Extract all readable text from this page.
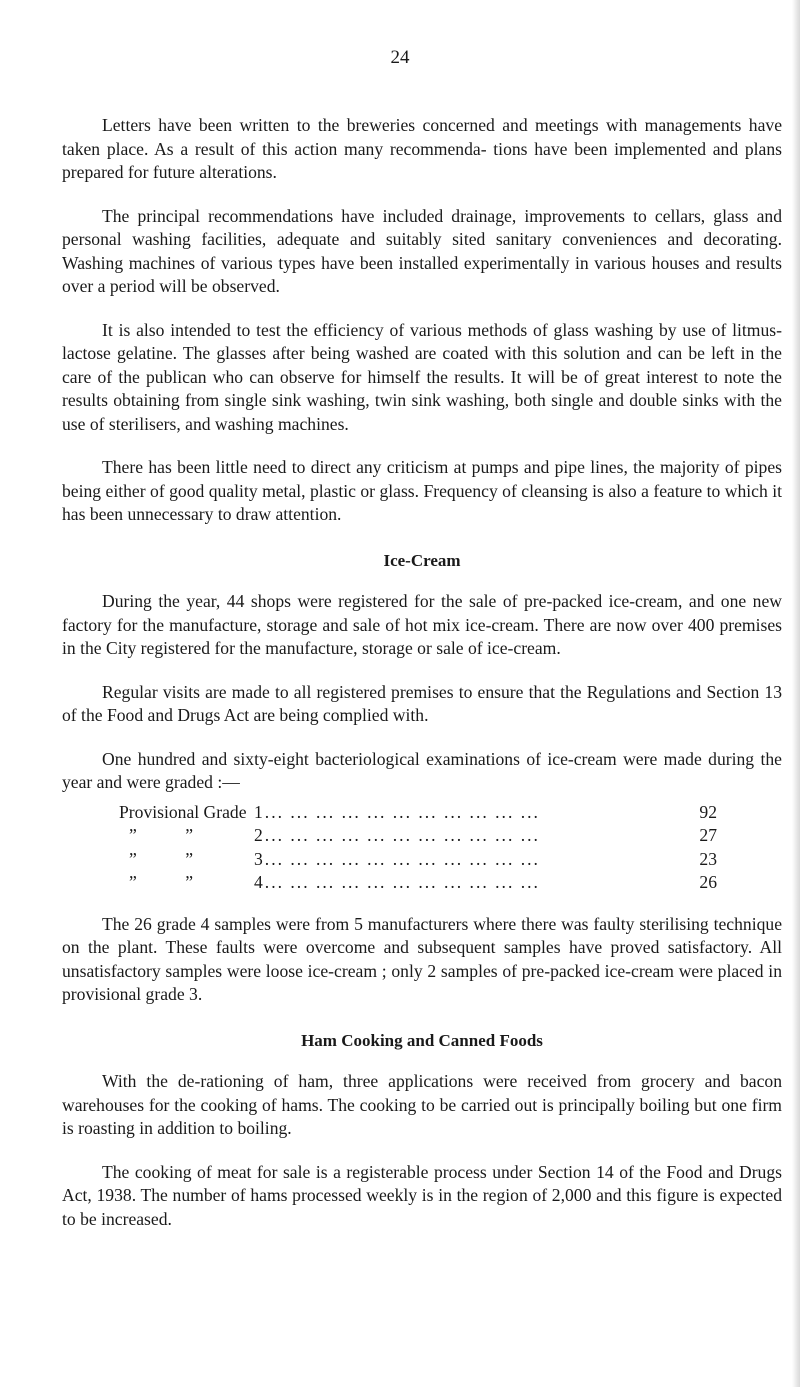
24

Letters have been written to the breweries concerned and meetings with managements have taken place. As a result of this action many recommenda- tions have been implemented and plans prepared for future alterations.

The principal recommendations have included drainage, improvements to cellars, glass and personal washing facilities, adequate and suitably sited sanitary conveniences and decorating. Washing machines of various types have been installed experimentally in various houses and results over a period will be observed.

It is also intended to test the efficiency of various methods of glass washing by use of litmus-lactose gelatine. The glasses after being washed are coated with this solution and can be left in the care of the publican who can observe for himself the results. It will be of great interest to note the results obtaining from single sink washing, twin sink washing, both single and double sinks with the use of sterilisers, and washing machines.

There has been little need to direct any criticism at pumps and pipe lines, the majority of pipes being either of good quality metal, plastic or glass. Frequency of cleansing is also a feature to which it has been unnecessary to draw attention.

Ice-Cream

During the year, 44 shops were registered for the sale of pre-packed ice-cream, and one new factory for the manufacture, storage and sale of hot mix ice-cream. There are now over 400 premises in the City registered for the manufacture, storage or sale of ice-cream.

Regular visits are made to all registered premises to ensure that the Regulations and Section 13 of the Food and Drugs Act are being complied with.

One hundred and sixty-eight bacteriological examinations of ice-cream were made during the year and were graded :—

Provisional Grade 1 ... ... ... ... ... ... ... ... ... ... ...	92
”           ”	2 ... ... ... ... ... ... ... ... ... ... ...	27
”           ”	3 ... ... ... ... ... ... ... ... ... ... ...	23
”           ”	4 ... ... ... ... ... ... ... ... ... ... ...	26

The 26 grade 4 samples were from 5 manufacturers where there was faulty sterilising technique on the plant. These faults were overcome and subsequent samples have proved satisfactory. All unsatisfactory samples were loose ice-cream ; only 2 samples of pre-packed ice-cream were placed in provisional grade 3.

Ham Cooking and Canned Foods

With the de-rationing of ham, three applications were received from grocery and bacon warehouses for the cooking of hams. The cooking to be carried out is principally boiling but one firm is roasting in addition to boiling.

The cooking of meat for sale is a registerable process under Section 14 of the Food and Drugs Act, 1938. The number of hams processed weekly is in the region of 2,000 and this figure is expected to be increased.
